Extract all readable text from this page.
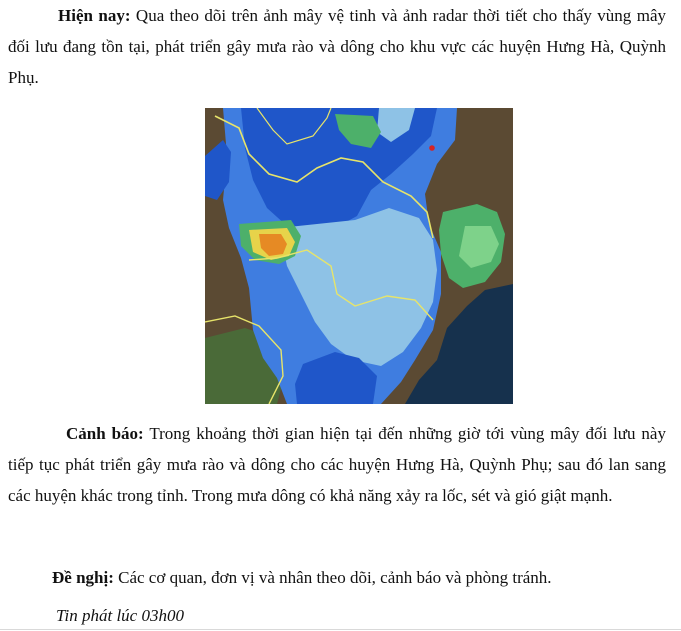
Hiện nay: Qua theo dõi trên ảnh mây vệ tinh và ảnh radar thời tiết cho thấy vùng mây đối lưu đang tồn tại, phát triển gây mưa rào và dông cho khu vực các huyện Hưng Hà, Quỳnh Phụ.

Cảnh báo: Trong khoảng thời gian hiện tại đến những giờ tới vùng mây đối lưu này tiếp tục phát triển gây mưa rào và dông cho các huyện Hưng Hà, Quỳnh Phụ; sau đó lan sang các huyện khác trong tỉnh. Trong mưa dông có khả năng xảy ra lốc, sét và gió giật mạnh.

Đề nghị: Các cơ quan, đơn vị và nhân theo dõi, cảnh báo và phòng tránh.

Tin phát lúc 03h00
